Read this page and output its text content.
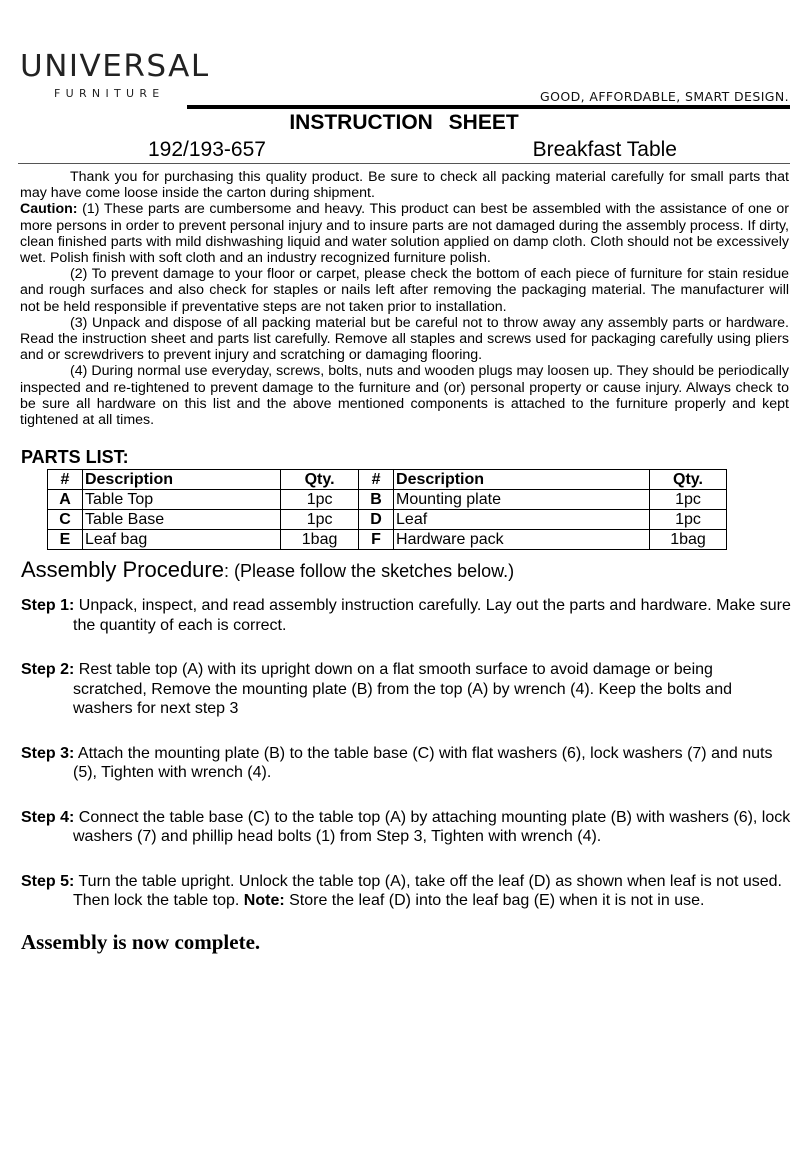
UNIVERSAL
FURNITURE	GOOD, AFFORDABLE, SMART DESIGN.
INSTRUCTION SHEET
192/193-657	Breakfast Table

Thank you for purchasing this quality product. Be sure to check all packing material carefully for small parts that may have come loose inside the carton during shipment.

Caution: (1) These parts are cumbersome and heavy. This product can best be assembled with the assistance of one or more persons in order to prevent personal injury and to insure parts are not damaged during the assembly process. If dirty, clean finished parts with mild dishwashing liquid and water solution applied on damp cloth. Cloth should not be excessively wet. Polish finish with soft cloth and an industry recognized furniture polish.

(2) To prevent damage to your floor or carpet, please check the bottom of each piece of furniture for stain residue and rough surfaces and also check for staples or nails left after removing the packaging material. The manufacturer will not be held responsible if preventative steps are not taken prior to installation.

(3) Unpack and dispose of all packing material but be careful not to throw away any assembly parts or hardware. Read the instruction sheet and parts list carefully. Remove all staples and screws used for packaging carefully using pliers and or screwdrivers to prevent injury and scratching or damaging flooring.

(4) During normal use everyday, screws, bolts, nuts and wooden plugs may loosen up. They should be periodically inspected and re-tightened to prevent damage to the furniture and (or) personal property or cause injury. Always check to be sure all hardware on this list and the above mentioned components is attached to the furniture properly and kept tightened at all times.

PARTS LIST:
#	Description	Qty.	#	Description	Qty.
A	Table Top	1pc	B	Mounting plate	1pc
C	Table Base	1pc	D	Leaf	1pc
E	Leaf bag	1bag	F	Hardware pack	1bag
Assembly Procedure: (Please follow the sketches below.)

Step 1: Unpack, inspect, and read assembly instruction carefully. Lay out the parts and hardware. Make sure the quantity of each is correct.

Step 2: Rest table top (A) with its upright down on a flat smooth surface to avoid damage or being scratched, Remove the mounting plate (B) from the top (A) by wrench (4). Keep the bolts and washers for next step 3

Step 3: Attach the mounting plate (B) to the table base (C) with flat washers (6), lock washers (7) and nuts (5), Tighten with wrench (4).

Step 4: Connect the table base (C) to the table top (A) by attaching mounting plate (B) with washers (6), lock washers (7) and phillip head bolts (1) from Step 3, Tighten with wrench (4).

Step 5: Turn the table upright. Unlock the table top (A), take off the leaf (D) as shown when leaf is not used. Then lock the table top. Note: Store the leaf (D) into the leaf bag (E) when it is not in use.

Assembly is now complete.
